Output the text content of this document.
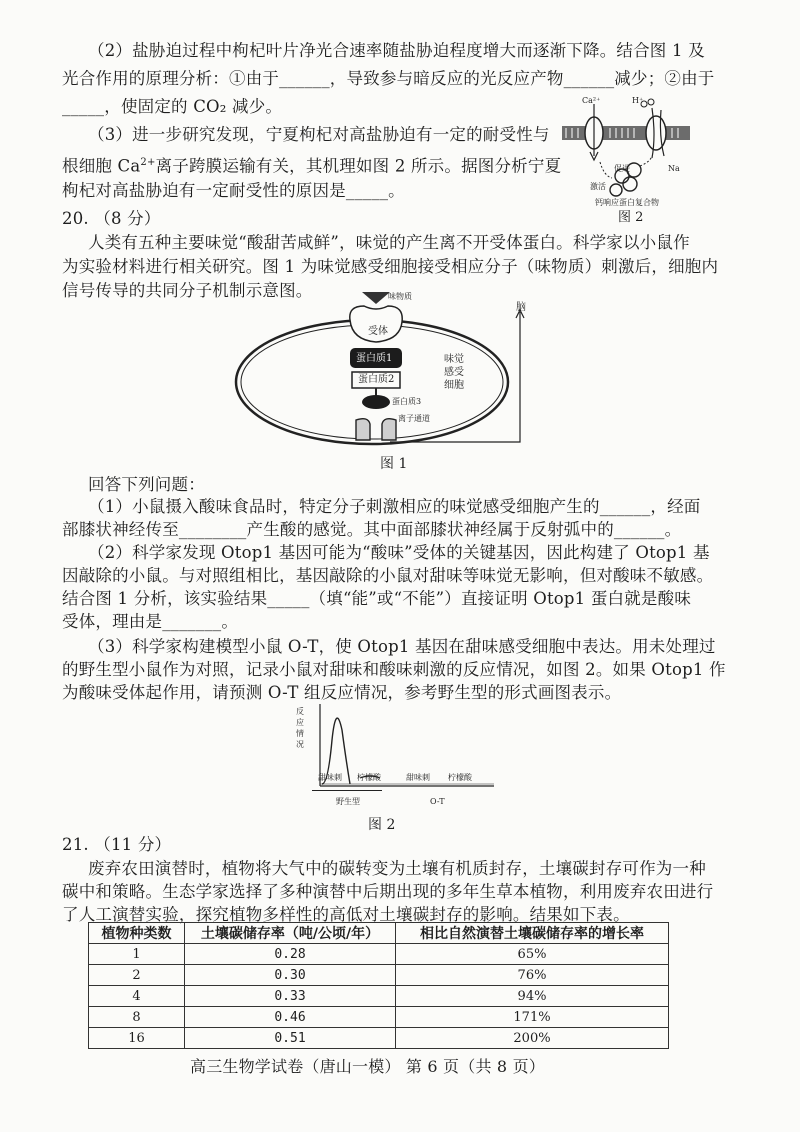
（2）盐胁迫过程中枸杞叶片净光合速率随盐胁迫程度增大而逐渐下降。结合图 1 及
光合作用的原理分析：①由于______，导致参与暗反应的光反应产物______减少；②由于
_____，使固定的 CO₂ 减少。
（3）进一步研究发现，宁夏枸杞对高盐胁迫有一定的耐受性与
根细胞 $Ca^{2+}$离子跨膜运输有关，其机理如图 2 所示。据图分析宁夏
枸杞对高盐胁迫有一定耐受性的原因是_____。
Ca²⁺	H⁺
促进	Na
激活
钙响应蛋白复合物
图 2
20. （8 分）
人类有五种主要味觉“酸甜苦咸鲜”，味觉的产生离不开受体蛋白。科学家以小鼠作
为实验材料进行相关研究。图 1 为味觉感受细胞接受相应分子（味物质）刺激后，细胞内
信号传导的共同分子机制示意图。	味物质
受体
蛋白质1
蛋白质2
蛋白质3
离子通道
味觉
感受
细胞
脑
图 1
回答下列问题：
（1）小鼠摄入酸味食品时，特定分子刺激相应的味觉感受细胞产生的______，经面
部膝状神经传至________产生酸的感觉。其中面部膝状神经属于反射弧中的______。
（2）科学家发现 Otop1 基因可能为“酸味”受体的关键基因，因此构建了 Otop1 基
因敲除的小鼠。与对照组相比，基因敲除的小鼠对甜味等味觉无影响，但对酸味不敏感。
结合图 1 分析，该实验结果_____（填“能”或“不能”）直接证明 Otop1 蛋白就是酸味
受体，理由是_______。
（3）科学家构建模型小鼠 O-T，使 Otop1 基因在甜味感受细胞中表达。用未处理过
的野生型小鼠作为对照，记录小鼠对甜味和酸味刺激的反应情况，如图 2。如果 Otop1 作
为酸味受体起作用，请预测 O-T 组反应情况，参考野生型的形式画图表示。
反
应
情
况
甜味刺 柠檬酸	甜味刺 柠檬酸
野生型	O-T
图 2
21. （11 分）
废弃农田演替时，植物将大气中的碳转变为土壤有机质封存，土壤碳封存可作为一种
碳中和策略。生态学家选择了多种演替中后期出现的多年生草本植物，利用废弃农田进行
了人工演替实验，探究植物多样性的高低对土壤碳封存的影响。结果如下表。
植物种类数	土壤碳储存率（吨/公顷/年）	相比自然演替土壤碳储存率的增长率
1	0.28	65%
2	0.30	76%
4	0.33	94%
8	0.46	171%
16	0.51	200%
高三生物学试卷（唐山一模） 第 6 页（共 8 页）
